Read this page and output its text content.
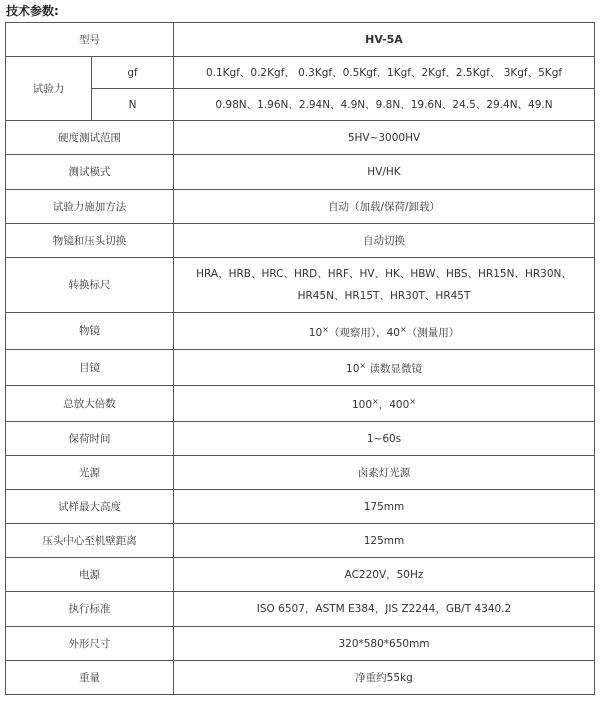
技术参数:
型号		HV-5A
试验力	gf	0.1Kgf、0.2Kgf、 0.3Kgf、0.5Kgf、1Kgf、2Kgf、2.5Kgf、 3Kgf、5Kgf
	N	0.98N、1.96N、2.94N、4.9N、9.8N、19.6N、24.5、29.4N、49.N
硬度测试范围		5HV~3000HV
测试模式		HV/HK
试验力施加方法		自动（加载/保荷/卸载）
物镜和压头切换		自动切换
转换标尺		HRA、HRB、HRC、HRD、HRF、HV、HK、HBW、HBS、HR15N、HR30N、HR45N、HR15T、HR30T、HR45T
物镜		10×（观察用），40×（测量用）
目镜		10× 读数显微镜
总放大倍数		100×，400×
保荷时间		1~60s
光源		卤素灯光源
试样最大高度		175mm
压头中心至机壁距离		125mm
电源		AC220V，50Hz
执行标准		ISO 6507，ASTM E384，JIS Z2244，GB/T 4340.2
外形尺寸		320*580*650mm
重量		净重约55kg
